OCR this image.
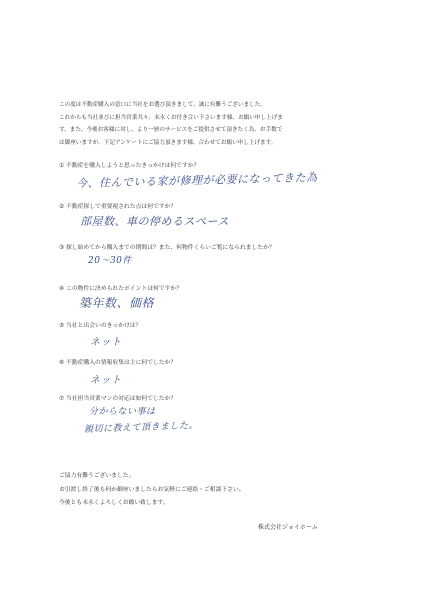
この度は不動産購入の窓口に当社をお選び頂きまして、誠に有難うございました。

これからも当社並びに担当営業共々、末永くお付き合い下さいます様、お願い申し上げま

す。また、今後お客様に対し、より一層のサービスをご提供させて頂きたく為、お手数で

は御座いますが、下記アンケートにご協力頂きます様、合わせてお願い申し上げます。

① 不動産を購入しようと思ったきっかけは何ですか？
今、住んでいる家が修理が必要になってきた為
② 不動産探しで重要視された点は何ですか？
部屋数、車の停めるスペース
③ 探し始めてから購入までの期間は？また、何物件くらいご覧になられましたか？
20～30件
④ この物件に決められたポイントは何ですか？
築年数、価格
⑤ 当社と出会いのきっかけは？
ネット
⑥ 不動産購入の情報収集は主に何でしたか？
ネット
⑦ 当社担当営業マンの対応は如何でしたか？
分からない事は
親切に教えて頂きました。

ご協力有難うございました。

お引渡し終了後も何か御座いましたらお気軽にご連絡・ご相談下さい。

今後とも末永くよろしくお願い致します。

株式会社ジョイホーム
